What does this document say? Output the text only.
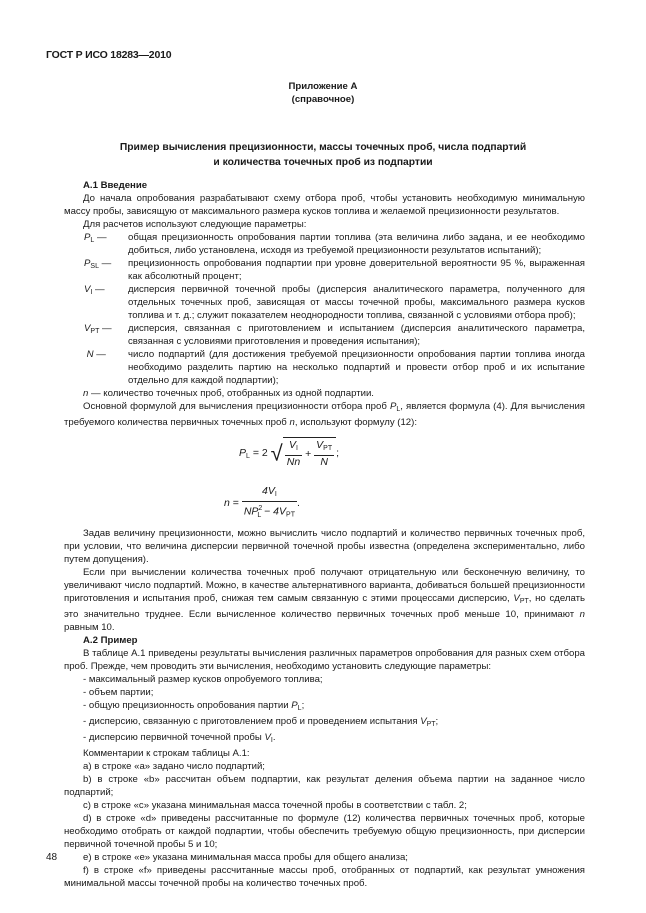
ГОСТ Р ИСО 18283—2010
Приложение А
(справочное)
Пример вычисления прецизионности, массы точечных проб, числа подпартий
и количества точечных проб из подпартии

А.1 Введение

До начала опробования разрабатывают схему отбора проб, чтобы установить необходимую минимальную массу пробы, зависящую от максимального размера кусков топлива и желаемой прецизионности результатов.

Для расчетов используют следующие параметры:

$P_L$ —	общая прецизионность опробования партии топлива (эта величина либо задана, и ее необходимо добиться, либо установлена, исходя из требуемой прецизионности результатов испытаний);
$P_{SL}$ —	прецизионность опробования подпартии при уровне доверительной вероятности 95 %, выраженная как абсолютный процент;
$V_I$ —	дисперсия первичной точечной пробы (дисперсия аналитического параметра, полученного для отдельных точечных проб, зависящая от массы точечной пробы, максимального размера кусков топлива и т. д.; служит показателем неоднородности топлива, связанной с условиями отбора проб);
$V_{PT}$ —	дисперсия, связанная с приготовлением и испытанием (дисперсия аналитического параметра, связанная с условиями приготовления и проведения испытания);
N —	число подпартий (для достижения требуемой прецизионности опробования партии топлива иногда необходимо разделить партию на несколько подпартий и провести отбор проб и их испытание отдельно для каждой подпартии);

n — количество точечных проб, отобранных из одной подпартии.

Основной формулой для вычисления прецизионности отбора проб $P_L$, является формула (4). Для вычисления требуемого количества первичных точечных проб n, используют формулу (12):

$P_L = 2$ √ $\frac{V_I}{Nn} + \frac{V_{PT}}{N}$ ;
$n = \frac{4V_I}{NP^2_L - 4V_{PT}}$ .

Задав величину прецизионности, можно вычислить число подпартий и количество первичных точечных проб, при условии, что величина дисперсии первичной точечной пробы известна (определена экспериментально, либо путем допущения).

Если при вычислении количества точечных проб получают отрицательную или бесконечную величину, то увеличивают число подпартий. Можно, в качестве альтернативного варианта, добиваться большей прецизионности приготовления и испытания проб, снижая тем самым связанную с этими процессами дисперсию, $V_{PT}$, но сделать это значительно труднее. Если вычисленное количество первичных точечных проб меньше 10, принимают n равным 10.

А.2 Пример

В таблице А.1 приведены результаты вычисления различных параметров опробования для разных схем отбора проб. Прежде, чем проводить эти вычисления, необходимо установить следующие параметры:

- максимальный размер кусков опробуемого топлива;

- объем партии;

- общую прецизионность опробования партии $P_L$;

- дисперсию, связанную с приготовлением проб и проведением испытания $V_{PT}$;

- дисперсию первичной точечной пробы $V_I$.

Комментарии к строкам таблицы А.1:

а) в строке «а» задано число подпартий;

b) в строке «b» рассчитан объем подпартии, как результат деления объема партии на заданное число подпартий;

с) в строке «с» указана минимальная масса точечной пробы в соответствии с табл. 2;

d) в строке «d» приведены рассчитанные по формуле (12) количества первичных точечных проб, которые необходимо отобрать от каждой подпартии, чтобы обеспечить требуемую общую прецизионность, при дисперсии первичной точечной пробы 5 и 10;

е) в строке «е» указана минимальная масса пробы для общего анализа;

f) в строке «f» приведены рассчитанные массы проб, отобранных от подпартий, как результат умножения минимальной массы точечной пробы на количество точечных проб.

48
